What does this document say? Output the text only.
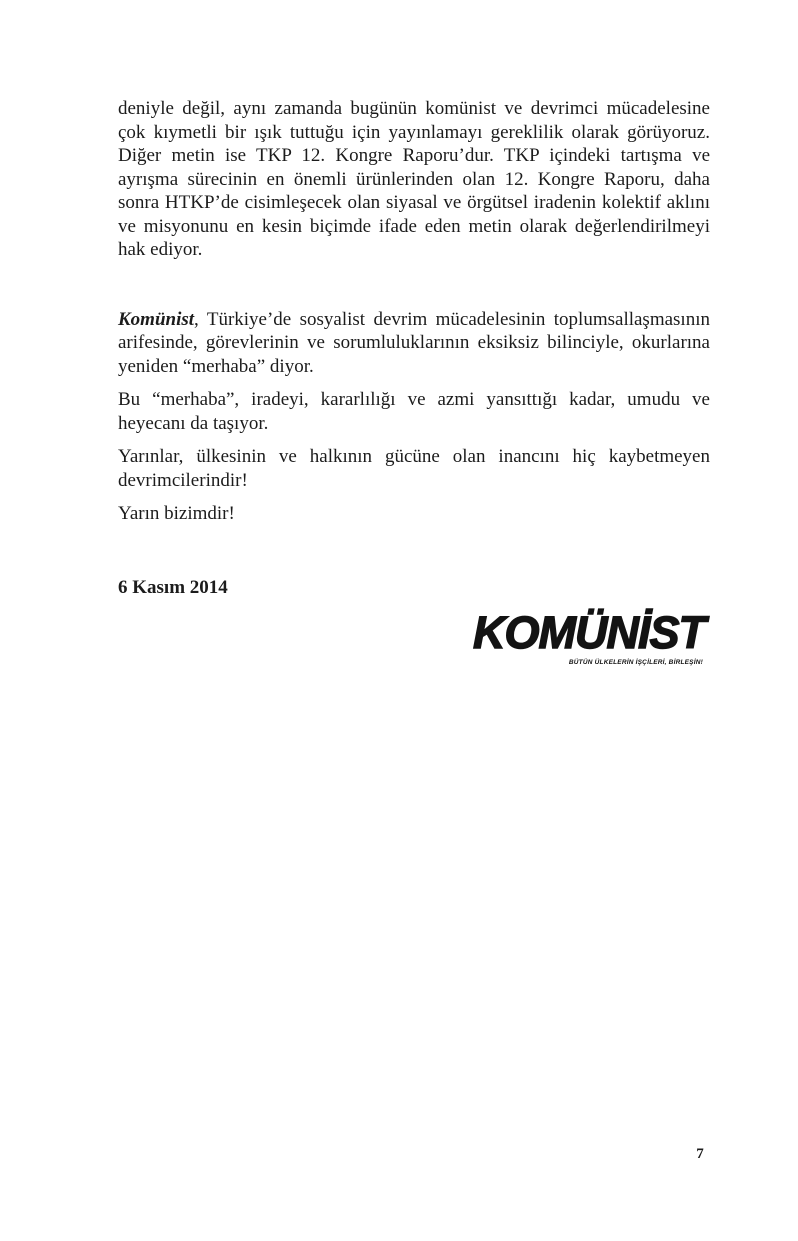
deniyle değil, aynı zamanda bugünün komünist ve devrimci mücadelesine çok kıymetli bir ışık tuttuğu için yayınlamayı gereklilik olarak görüyoruz. Diğer metin ise TKP 12. Kongre Raporu’dur. TKP içindeki tartışma ve ayrışma sürecinin en önemli ürünlerinden olan 12. Kongre Raporu, daha sonra HTKP’de cisimleşecek olan siyasal ve örgütsel iradenin kolektif aklını ve misyonunu en kesin biçimde ifade eden metin olarak değerlendirilmeyi hak ediyor.

Komünist, Türkiye’de sosyalist devrim mücadelesinin toplumsallaşmasının arifesinde, görevlerinin ve sorumluluklarının eksiksiz bilinciyle, okurlarına yeniden “merhaba” diyor.

Bu “merhaba”, iradeyi, kararlılığı ve azmi yansıttığı kadar, umudu ve heyecanı da taşıyor.

Yarınlar, ülkesinin ve halkının gücüne olan inancını hiç kaybetmeyen devrimcilerindir!

Yarın bizimdir!

6 Kasım 2014

KOMÜNİST
BÜTÜN ÜLKELERİN İŞÇİLERİ, BİRLEŞİN!
7
